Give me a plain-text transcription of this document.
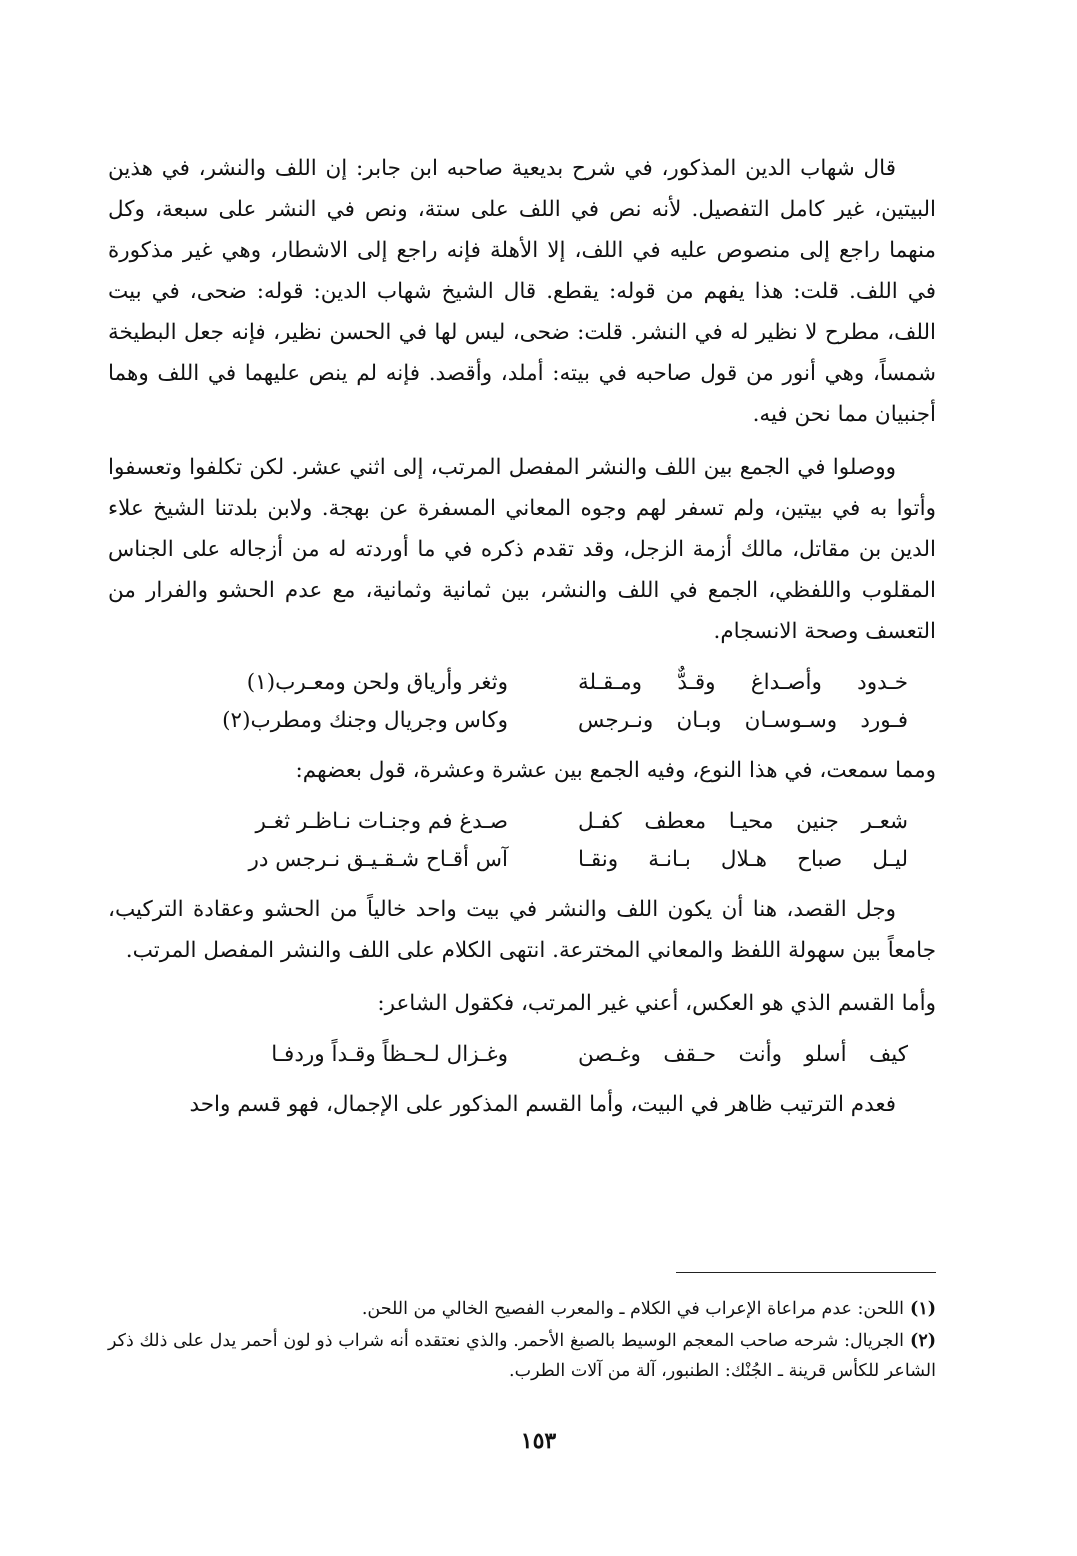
قال شهاب الدين المذكور، في شرح بديعية صاحبه ابن جابر: إن اللف والنشر، في هذين البيتين، غير كامل التفصيل. لأنه نص في اللف على ستة، ونص في النشر على سبعة، وكل منهما راجع إلى منصوص عليه في اللف، إلا الأهلة فإنه راجع إلى الاشطار، وهي غير مذكورة في اللف. قلت: هذا يفهم من قوله: يقطع. قال الشيخ شهاب الدين: قوله: ضحى، في بيت اللف، مطرح لا نظير له في النشر. قلت: ضحى، ليس لها في الحسن نظير، فإنه جعل البطيخة شمساً، وهي أنور من قول صاحبه في بيته: أملد، وأقصد. فإنه لم ينص عليهما في اللف وهما أجنبيان مما نحن فيه.

ووصلوا في الجمع بين اللف والنشر المفصل المرتب، إلى اثني عشر. لكن تكلفوا وتعسفوا وأتوا به في بيتين، ولم تسفر لهم وجوه المعاني المسفرة عن بهجة. ولابن بلدتنا الشيخ علاء الدين بن مقاتل، مالك أزمة الزجل، وقد تقدم ذكره في ما أوردته له من أزجاله على الجناس المقلوب واللفظي، الجمع في اللف والنشر، بين ثمانية وثمانية، مع عدم الحشو والفرار من التعسف وصحة الانسجام.

خـدود وأصـداغ وقـدٌّ ومـقـلة
وثغر وأرياق ولحن ومعـرب(١)
فـورد وسـوسـان وبـان ونـرجس
وكاس وجريال وجنك ومطرب(٢)

ومما سمعت، في هذا النوع، وفيه الجمع بين عشرة وعشرة، قول بعضهم:

شعـر جنين محيـا معطف كفـل
صـدغ فم وجنـات نـاظـر ثغـر
ليـل صباح هـلال بـانـة ونقـا
آس أقـاح شـقـيـق نـرجس در

وجل القصد، هنا أن يكون اللف والنشر في بيت واحد خالياً من الحشو وعقادة التركيب، جامعاً بين سهولة اللفظ والمعاني المخترعة. انتهى الكلام على اللف والنشر المفصل المرتب.

وأما القسم الذي هو العكس، أعني غير المرتب، فكقول الشاعر:

كيف أسلو وأنت حـقف وغـصن
وغـزال لـحـظاً وقـداً وردفـا

فعدم الترتيب ظاهر في البيت، وأما القسم المذكور على الإجمال، فهو قسم واحد

(١)اللحن: عدم مراعاة الإعراب في الكلام ـ والمعرب الفصيح الخالي من اللحن.

(٢)الجريال: شرحه صاحب المعجم الوسيط بالصبغ الأحمر. والذي نعتقده أنه شراب ذو لون أحمر يدل على ذلك ذكر الشاعر للكأس قرينة ـ الجُنْك: الطنبور، آلة من آلات الطرب.

١٥٣
